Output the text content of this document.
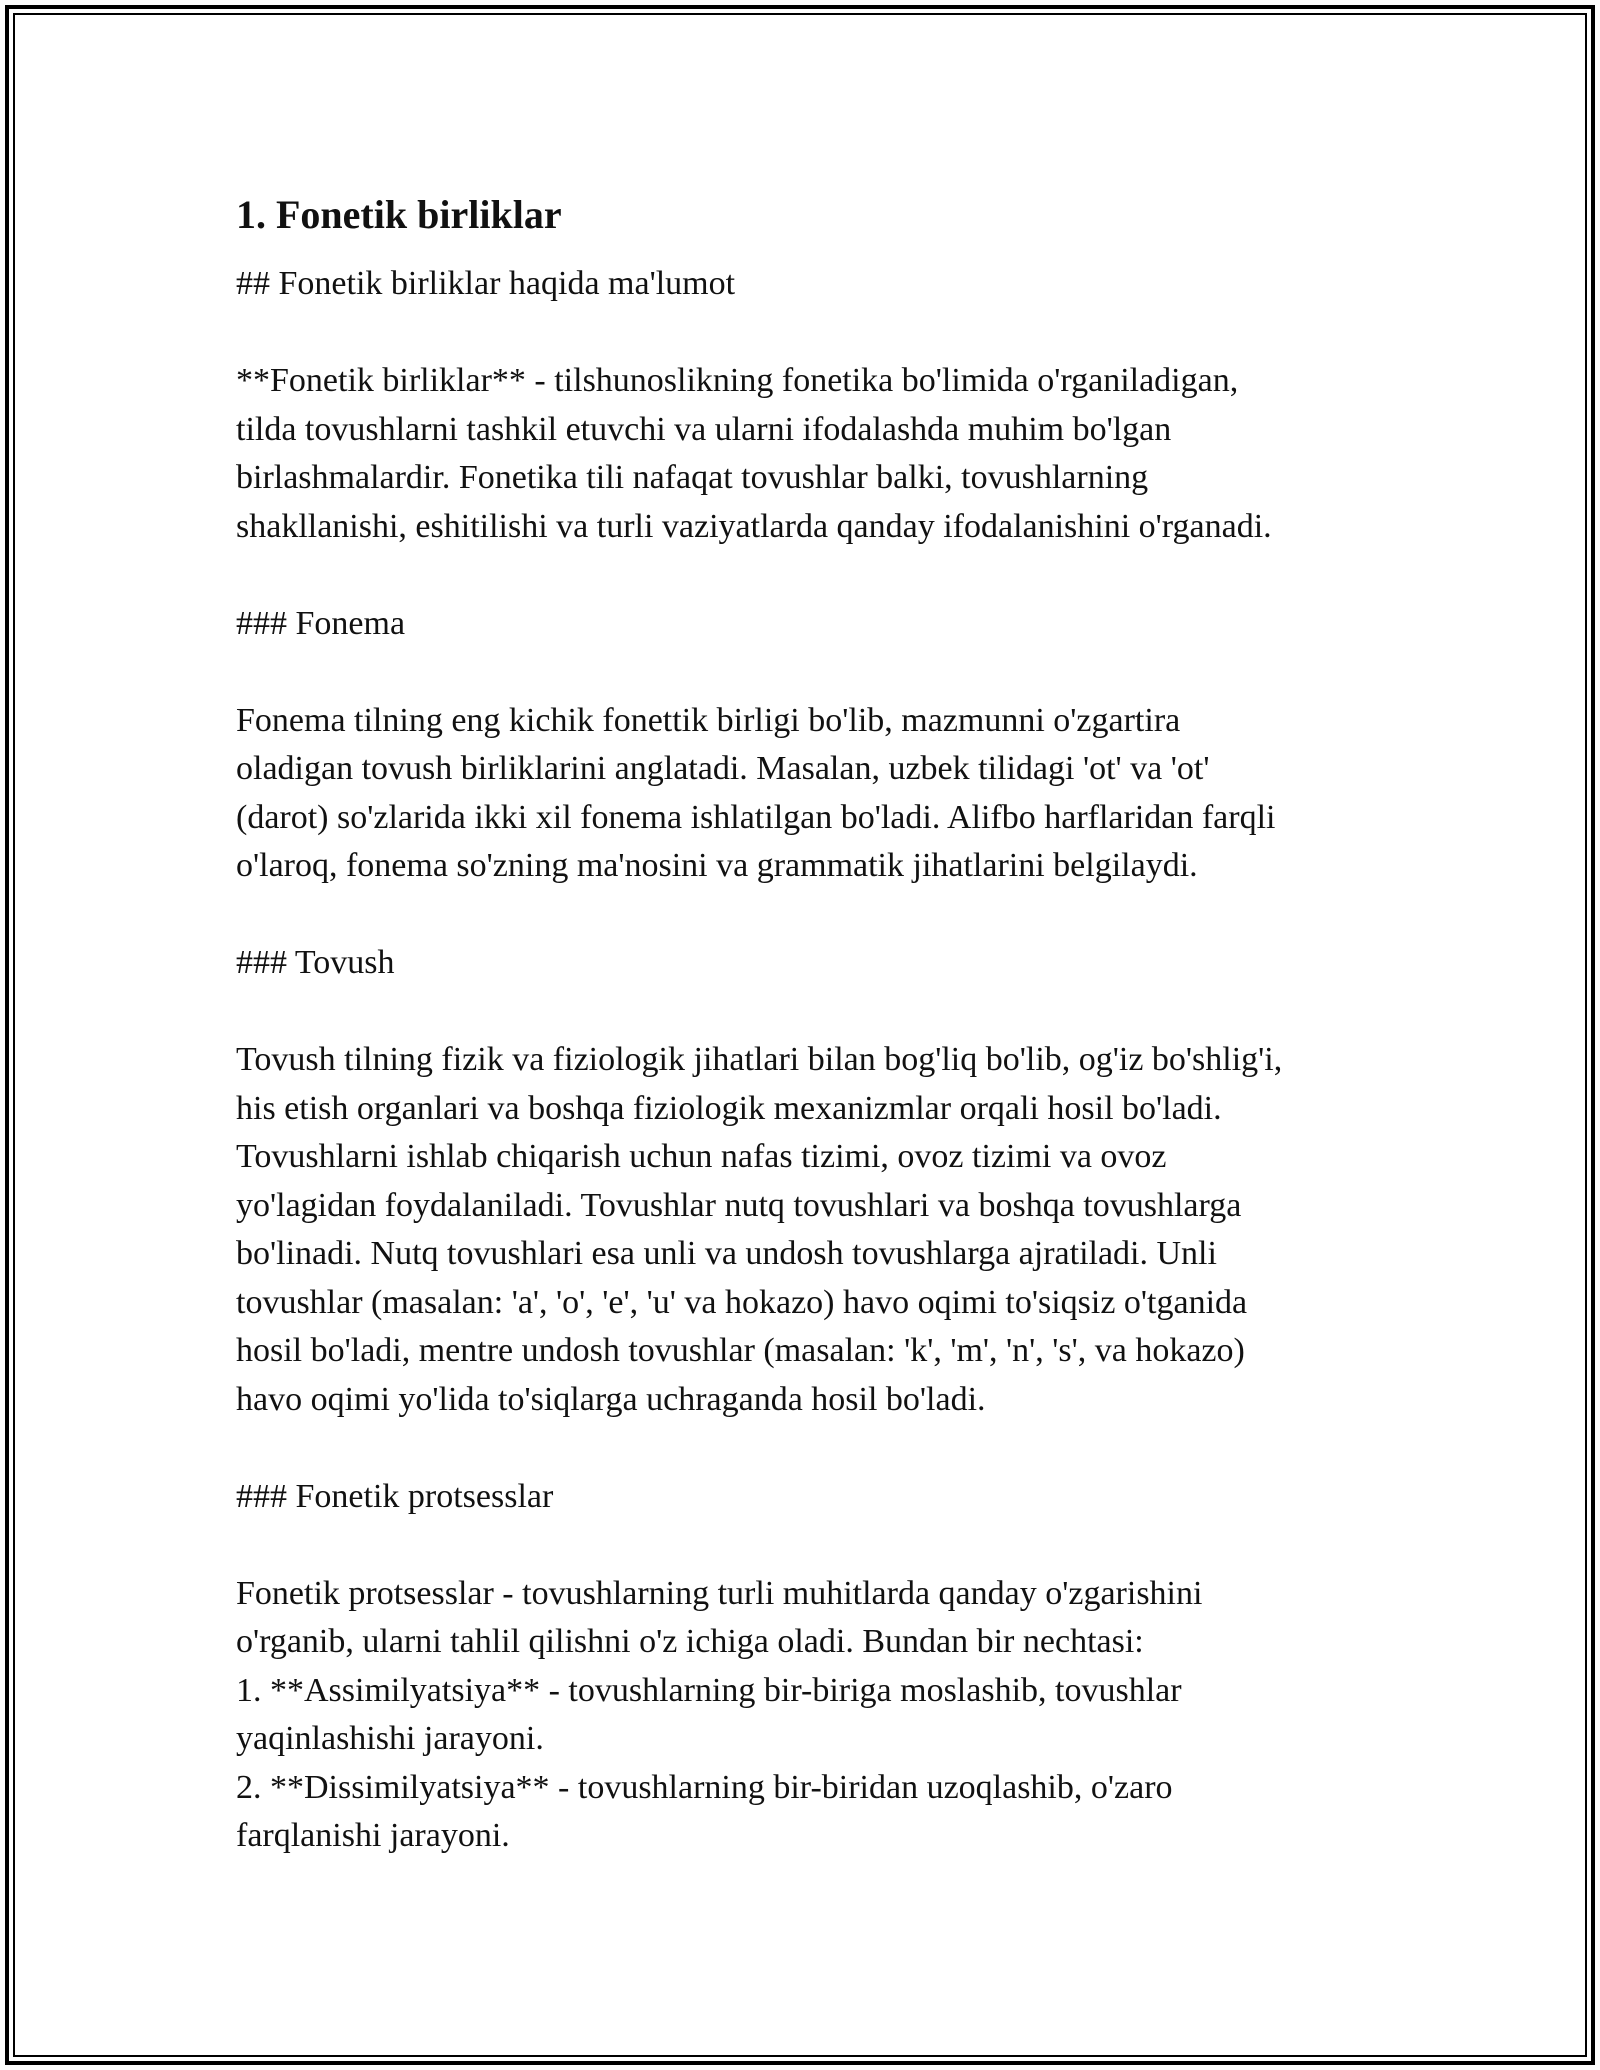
1. Fonetik birliklar

## Fonetik birliklar haqida ma'lumot

**Fonetik birliklar** - tilshunoslikning fonetika bo'limida o'rganiladigan,

tilda tovushlarni tashkil etuvchi va ularni ifodalashda muhim bo'lgan

birlashmalardir. Fonetika tili nafaqat tovushlar balki, tovushlarning

shakllanishi, eshitilishi va turli vaziyatlarda qanday ifodalanishini o'rganadi.

### Fonema

Fonema tilning eng kichik fonettik birligi bo'lib, mazmunni o'zgartira

oladigan tovush birliklarini anglatadi. Masalan, uzbek tilidagi 'ot' va 'ot'

(darot) so'zlarida ikki xil fonema ishlatilgan bo'ladi. Alifbo harflaridan farqli

o'laroq, fonema so'zning ma'nosini va grammatik jihatlarini belgilaydi.

### Tovush

Tovush tilning fizik va fiziologik jihatlari bilan bog'liq bo'lib, og'iz bo'shlig'i,

his etish organlari va boshqa fiziologik mexanizmlar orqali hosil bo'ladi.

Tovushlarni ishlab chiqarish uchun nafas tizimi, ovoz tizimi va ovoz

yo'lagidan foydalaniladi. Tovushlar nutq tovushlari va boshqa tovushlarga

bo'linadi. Nutq tovushlari esa unli va undosh tovushlarga ajratiladi. Unli

tovushlar (masalan: 'a', 'o', 'e', 'u' va hokazo) havo oqimi to'siqsiz o'tganida

hosil bo'ladi, mentre undosh tovushlar (masalan: 'k', 'm', 'n', 's', va hokazo)

havo oqimi yo'lida to'siqlarga uchraganda hosil bo'ladi.

### Fonetik protsesslar

Fonetik protsesslar - tovushlarning turli muhitlarda qanday o'zgarishini

o'rganib, ularni tahlil qilishni o'z ichiga oladi. Bundan bir nechtasi:

1. **Assimilyatsiya** - tovushlarning bir-biriga moslashib, tovushlar

yaqinlashishi jarayoni.

2. **Dissimilyatsiya** - tovushlarning bir-biridan uzoqlashib, o'zaro

farqlanishi jarayoni.
